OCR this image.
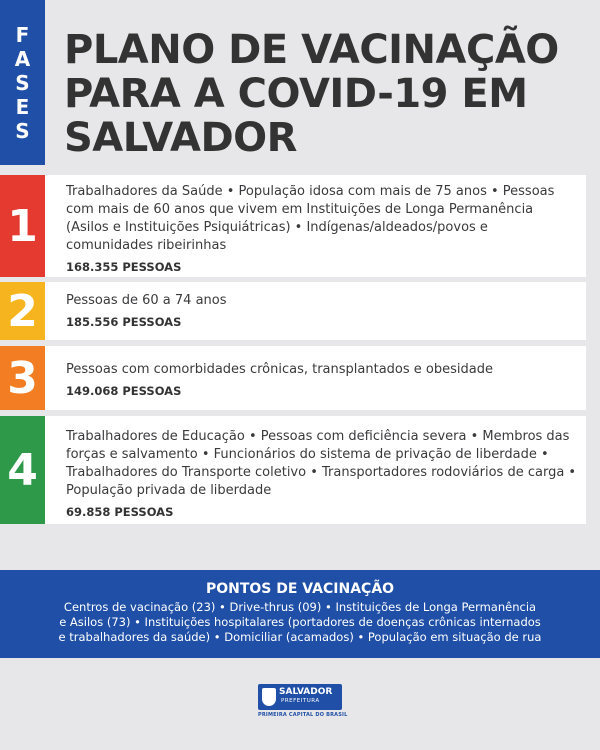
F
A
S
E
S
PLANO DE VACINAÇÃO
PARA A COVID-19 EM
SALVADOR
1
Trabalhadores da Saúde • População idosa com mais de 75 anos • Pessoas com mais de 60 anos que vivem em Instituições de Longa Permanência (Asilos e Instituições Psiquiátricas) • Indígenas/aldeados/povos e comunidades ribeirinhas
168.355 PESSOAS
2	Pessoas de 60 a 74 anos
185.556 PESSOAS
3	Pessoas com comorbidades crônicas, transplantados e obesidade
149.068 PESSOAS
4
Trabalhadores de Educação • Pessoas com deficiência severa • Membros das forças e salvamento • Funcionários do sistema de privação de liberdade • Trabalhadores do Transporte coletivo • Transportadores rodoviários de carga • População privada de liberdade
69.858 PESSOAS
PONTOS DE VACINAÇÃO
Centros de vacinação (23) • Drive-thrus (09) • Instituições de Longa Permanência
e Asilos (73) • Instituições hospitalares (portadores de doenças crônicas internados
e trabalhadores da saúde) • Domiciliar (acamados) • População em situação de rua
SALVADOR
PREFEITURA
PRIMEIRA CAPITAL DO BRASIL
